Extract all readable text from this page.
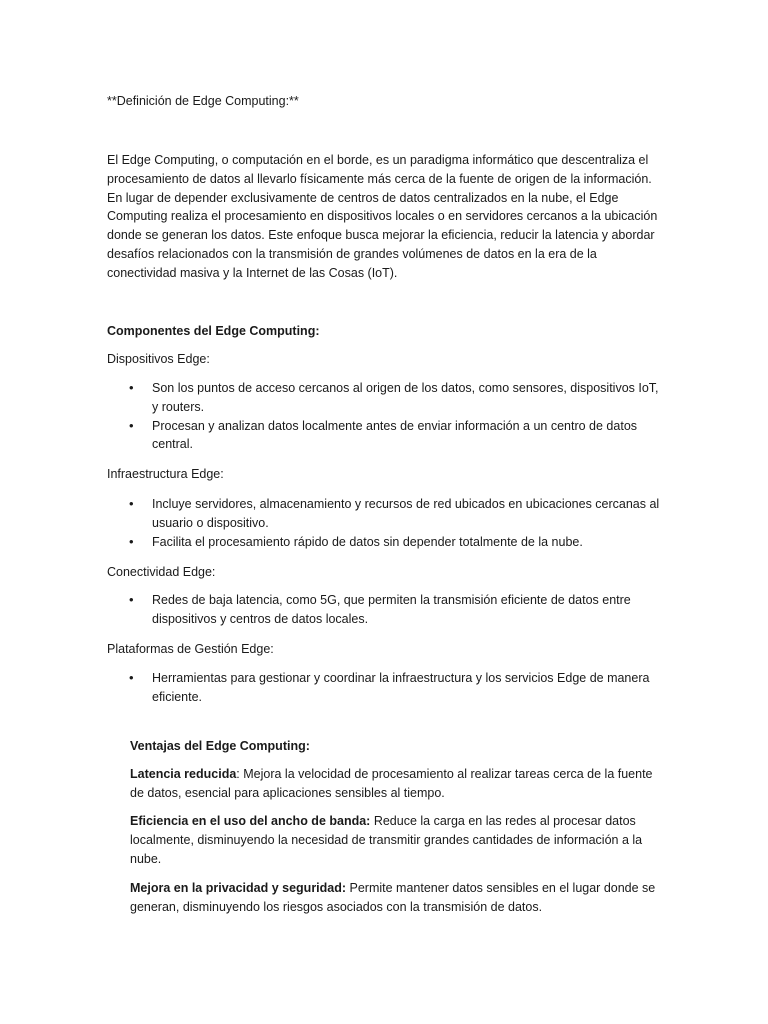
**Definición de Edge Computing:**

El Edge Computing, o computación en el borde, es un paradigma informático que descentraliza el procesamiento de datos al llevarlo físicamente más cerca de la fuente de origen de la información. En lugar de depender exclusivamente de centros de datos centralizados en la nube, el Edge Computing realiza el procesamiento en dispositivos locales o en servidores cercanos a la ubicación donde se generan los datos. Este enfoque busca mejorar la eficiencia, reducir la latencia y abordar desafíos relacionados con la transmisión de grandes volúmenes de datos en la era de la conectividad masiva y la Internet de las Cosas (IoT).

Componentes del Edge Computing:

Dispositivos Edge:

• Son los puntos de acceso cercanos al origen de los datos, como sensores, dispositivos IoT, y routers.
• Procesan y analizan datos localmente antes de enviar información a un centro de datos central.

Infraestructura Edge:

• Incluye servidores, almacenamiento y recursos de red ubicados en ubicaciones cercanas al usuario o dispositivo.
• Facilita el procesamiento rápido de datos sin depender totalmente de la nube.

Conectividad Edge:

• Redes de baja latencia, como 5G, que permiten la transmisión eficiente de datos entre dispositivos y centros de datos locales.

Plataformas de Gestión Edge:

• Herramientas para gestionar y coordinar la infraestructura y los servicios Edge de manera eficiente.

Ventajas del Edge Computing:

Latencia reducida: Mejora la velocidad de procesamiento al realizar tareas cerca de la fuente de datos, esencial para aplicaciones sensibles al tiempo.

Eficiencia en el uso del ancho de banda: Reduce la carga en las redes al procesar datos localmente, disminuyendo la necesidad de transmitir grandes cantidades de información a la nube.

Mejora en la privacidad y seguridad: Permite mantener datos sensibles en el lugar donde se generan, disminuyendo los riesgos asociados con la transmisión de datos.
